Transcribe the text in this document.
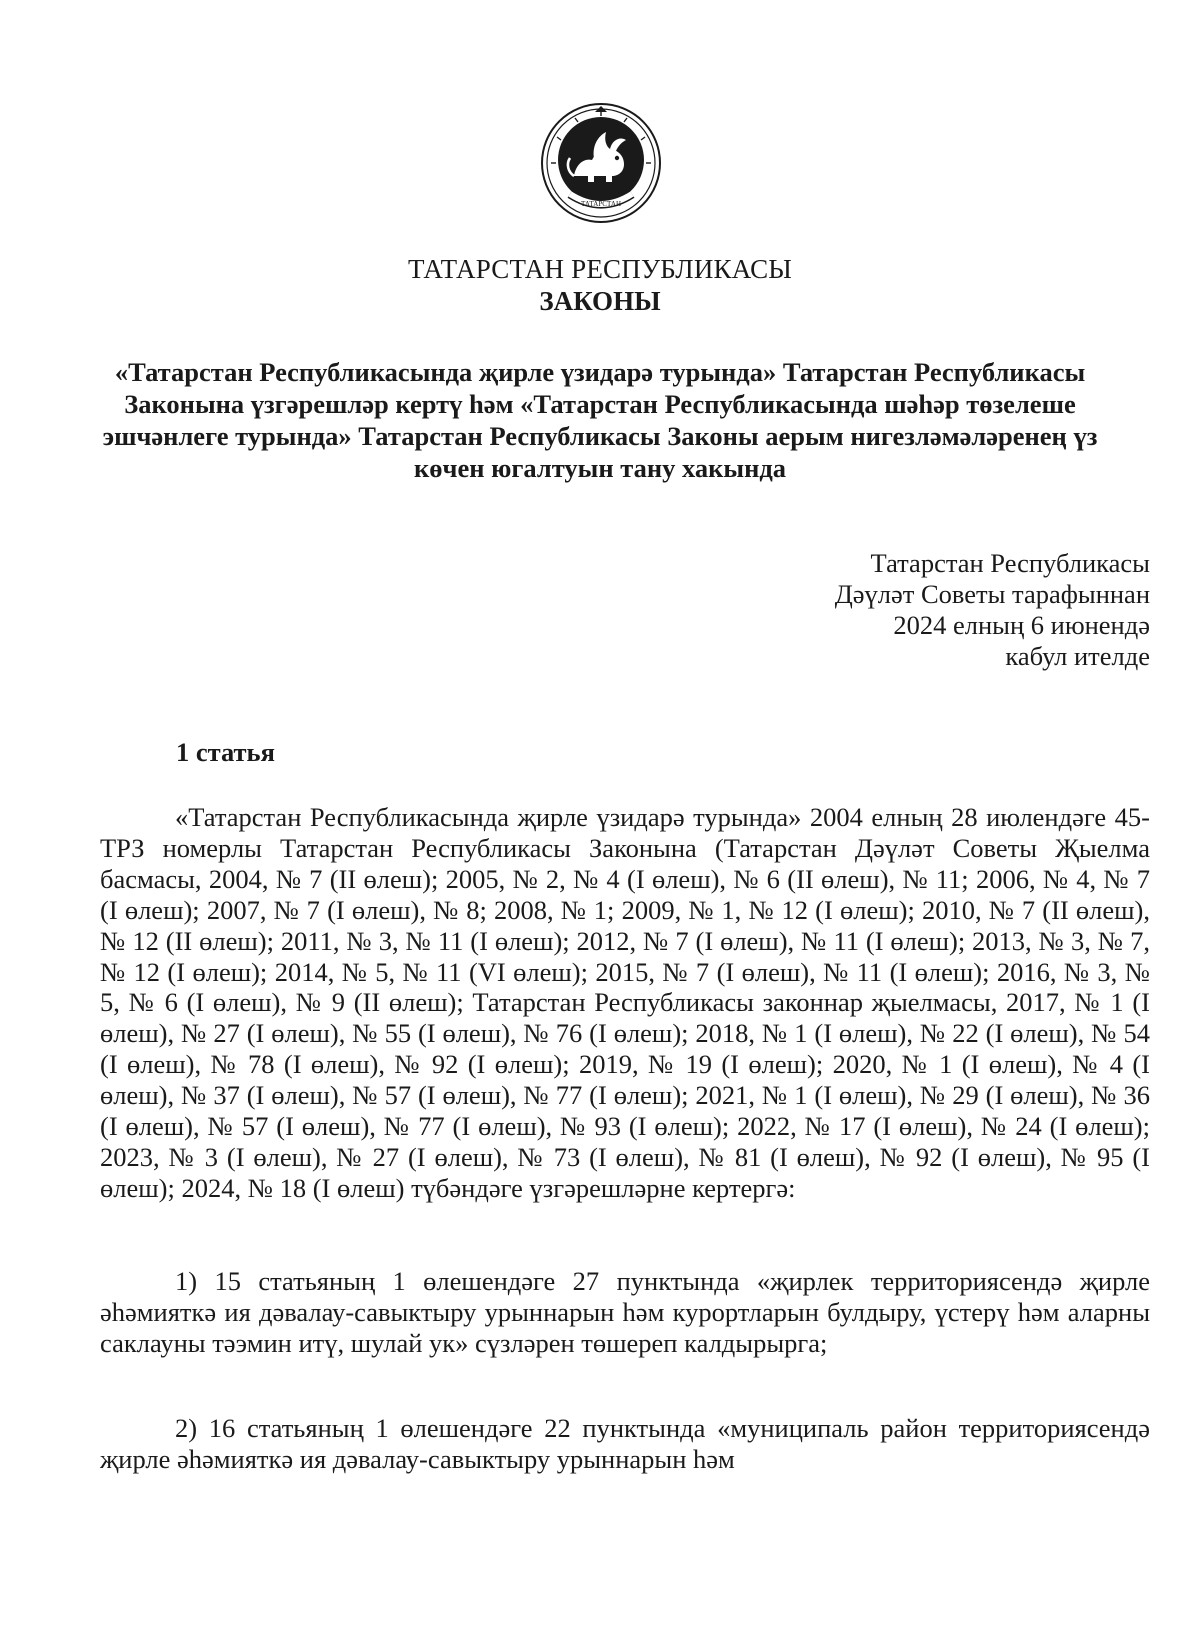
ТАТАРСТАН
ТАТАРСТАН РЕСПУБЛИКАСЫ
ЗАКОНЫ
«Татарстан Республикасында җирле үзидарә турында» Татарстан Республикасы Законына үзгәрешләр кертү һәм «Татарстан Республикасында шәһәр төзелеше эшчәнлеге турында» Татарстан Республикасы Законы аерым нигезләмәләренең үз көчен югалтуын тану хакында
Татарстан Республикасы
Дәүләт Советы тарафыннан
2024 елның 6 июнендә
кабул ителде
1 статья
«Татарстан Республикасында җирле үзидарә турында» 2004 елның 28 июлендәге 45-ТРЗ номерлы Татарстан Республикасы Законына (Татарстан Дәүләт Советы Җыелма басмасы, 2004, № 7 (II өлеш); 2005, № 2, № 4 (I өлеш), № 6 (II өлеш), № 11; 2006, № 4, № 7 (I өлеш); 2007, № 7 (I өлеш), № 8; 2008, № 1; 2009, № 1, № 12 (I өлеш); 2010, № 7 (II өлеш), № 12 (II өлеш); 2011, № 3, № 11 (I өлеш); 2012, № 7 (I өлеш), № 11 (I өлеш); 2013, № 3, № 7, № 12 (I өлеш); 2014, № 5, № 11 (VI өлеш); 2015, № 7 (I өлеш), № 11 (I өлеш); 2016, № 3, № 5, № 6 (I өлеш), № 9 (II өлеш); Татарстан Республикасы законнар җыелмасы, 2017, № 1 (I өлеш), № 27 (I өлеш), № 55 (I өлеш), № 76 (I өлеш); 2018, № 1 (I өлеш), № 22 (I өлеш), № 54 (I өлеш), № 78 (I өлеш), № 92 (I өлеш); 2019, № 19 (I өлеш); 2020, № 1 (I өлеш), № 4 (I өлеш), № 37 (I өлеш), № 57 (I өлеш), № 77 (I өлеш); 2021, № 1 (I өлеш), № 29 (I өлеш), № 36 (I өлеш), № 57 (I өлеш), № 77 (I өлеш), № 93 (I өлеш); 2022, № 17 (I өлеш), № 24 (I өлеш); 2023, № 3 (I өлеш), № 27 (I өлеш), № 73 (I өлеш), № 81 (I өлеш), № 92 (I өлеш), № 95 (I өлеш); 2024, № 18 (I өлеш) түбәндәге үзгәрешләрне кертергә:
1) 15 статьяның 1 өлешендәге 27 пунктында «җирлек территориясендә җирле әһәмияткә ия дәвалау-савыктыру урыннарын һәм курортларын булдыру, үстерү һәм аларны саклауны тәэмин итү, шулай ук» сүзләрен төшереп калдырырга;
2) 16 статьяның 1 өлешендәге 22 пунктында «муниципаль район территориясендә җирле әһәмияткә ия дәвалау-савыктыру урыннарын һәм
